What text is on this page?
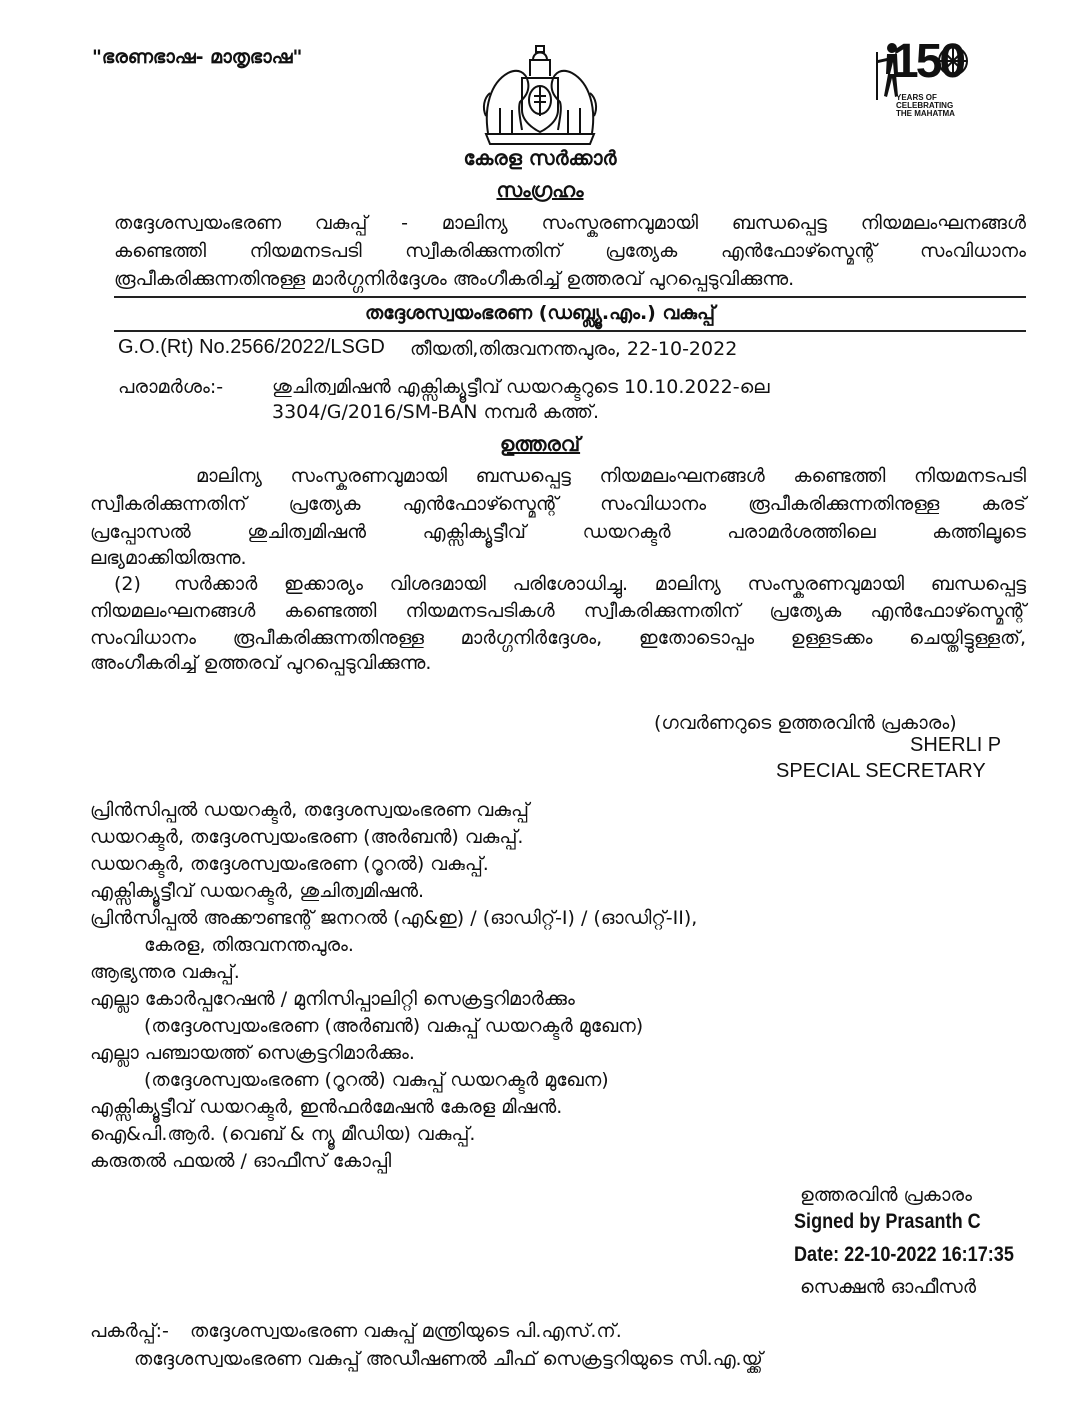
"ഭരണഭാഷ- മാതൃഭാഷ"	150
YEARS OF
CELEBRATING
THE MAHATMA
കേരള സർക്കാർ
സംഗ്രഹം
തദ്ദേശസ്വയംഭരണ വകുപ്പ് - മാലിന്യ സംസ്കരണവുമായി ബന്ധപ്പെട്ട നിയമലംഘനങ്ങൾ
കണ്ടെത്തി നിയമനടപടി സ്വീകരിക്കുന്നതിന് പ്രത്യേക എൻഫോഴ്സ്മെന്റ് സംവിധാനം
രൂപീകരിക്കുന്നതിനുള്ള മാർഗ്ഗനിർദ്ദേശം അംഗീകരിച്ച് ഉത്തരവ് പുറപ്പെടുവിക്കുന്നു.
തദ്ദേശസ്വയംഭരണ (ഡബ്ല്യൂ.എം.) വകുപ്പ്
G.O.(Rt) No.2566/2022/LSGD തീയതി,തിരുവനന്തപുരം, 22-10-2022
പരാമർശം:-	ശുചിത്വമിഷൻ എക്സിക്യൂട്ടീവ് ഡയറക്ടറുടെ 10.10.2022-ലെ
3304/G/2016/SM-BAN നമ്പർ കത്ത്.
ഉത്തരവ്
മാലിന്യ സംസ്കരണവുമായി ബന്ധപ്പെട്ട നിയമലംഘനങ്ങൾ കണ്ടെത്തി നിയമനടപടി
സ്വീകരിക്കുന്നതിന് പ്രത്യേക എൻഫോഴ്സ്മെന്റ് സംവിധാനം രൂപീകരിക്കുന്നതിനുള്ള കരട്
പ്രപ്പോസൽ ശുചിത്വമിഷൻ എക്സിക്യൂട്ടീവ് ഡയറക്ടർ പരാമർശത്തിലെ കത്തിലൂടെ
ലഭ്യമാക്കിയിരുന്നു.
(2) സർക്കാർ ഇക്കാര്യം വിശദമായി പരിശോധിച്ചു. മാലിന്യ സംസ്കരണവുമായി ബന്ധപ്പെട്ട
നിയമലംഘനങ്ങൾ കണ്ടെത്തി നിയമനടപടികൾ സ്വീകരിക്കുന്നതിന് പ്രത്യേക എൻഫോഴ്സ്മെന്റ്
സംവിധാനം രൂപീകരിക്കുന്നതിനുള്ള മാർഗ്ഗനിർദ്ദേശം, ഇതോടൊപ്പം ഉള്ളടക്കം ചെയ്തിട്ടുള്ളത്,
അംഗീകരിച്ച് ഉത്തരവ് പുറപ്പെടുവിക്കുന്നു.
(ഗവർണറുടെ ഉത്തരവിൻ പ്രകാരം)
SHERLI P
SPECIAL SECRETARY
പ്രിൻസിപ്പൽ ഡയറക്ടർ, തദ്ദേശസ്വയംഭരണ വകുപ്പ്
ഡയറക്ടർ, തദ്ദേശസ്വയംഭരണ (അർബൻ) വകുപ്പ്.
ഡയറക്ടർ, തദ്ദേശസ്വയംഭരണ (റൂറൽ) വകുപ്പ്.
എക്സിക്യൂട്ടീവ് ഡയറക്ടർ, ശുചിത്വമിഷൻ.
പ്രിൻസിപ്പൽ അക്കൗണ്ടന്റ് ജനറൽ (എ&ഇ) / (ഓഡിറ്റ്-I) / (ഓഡിറ്റ്-II),
കേരള, തിരുവനന്തപുരം.
ആഭ്യന്തര വകുപ്പ്.
എല്ലാ കോർപ്പറേഷൻ / മുനിസിപ്പാലിറ്റി സെക്രട്ടറിമാർക്കും
(തദ്ദേശസ്വയംഭരണ (അർബൻ) വകുപ്പ് ഡയറക്ടർ മുഖേന)
എല്ലാ പഞ്ചായത്ത് സെക്രട്ടറിമാർക്കും.
(തദ്ദേശസ്വയംഭരണ (റൂറൽ) വകുപ്പ് ഡയറക്ടർ മുഖേന)
എക്സിക്യൂട്ടീവ് ഡയറക്ടർ, ഇൻഫർമേഷൻ കേരള മിഷൻ.
ഐ&പി.ആർ. (വെബ് & ന്യൂ മീഡിയ) വകുപ്പ്.
കരുതൽ ഫയൽ / ഓഫീസ് കോപ്പി
ഉത്തരവിൻ പ്രകാരം
Signed by Prasanth C
Date: 22-10-2022 16:17:35
സെക്ഷൻ ഓഫീസർ
പകർപ്പ്:- തദ്ദേശസ്വയംഭരണ വകുപ്പ് മന്ത്രിയുടെ പി.എസ്.ന്.
തദ്ദേശസ്വയംഭരണ വകുപ്പ് അഡീഷണൽ ചീഫ് സെക്രട്ടറിയുടെ സി.എ.യ്ക്ക്
